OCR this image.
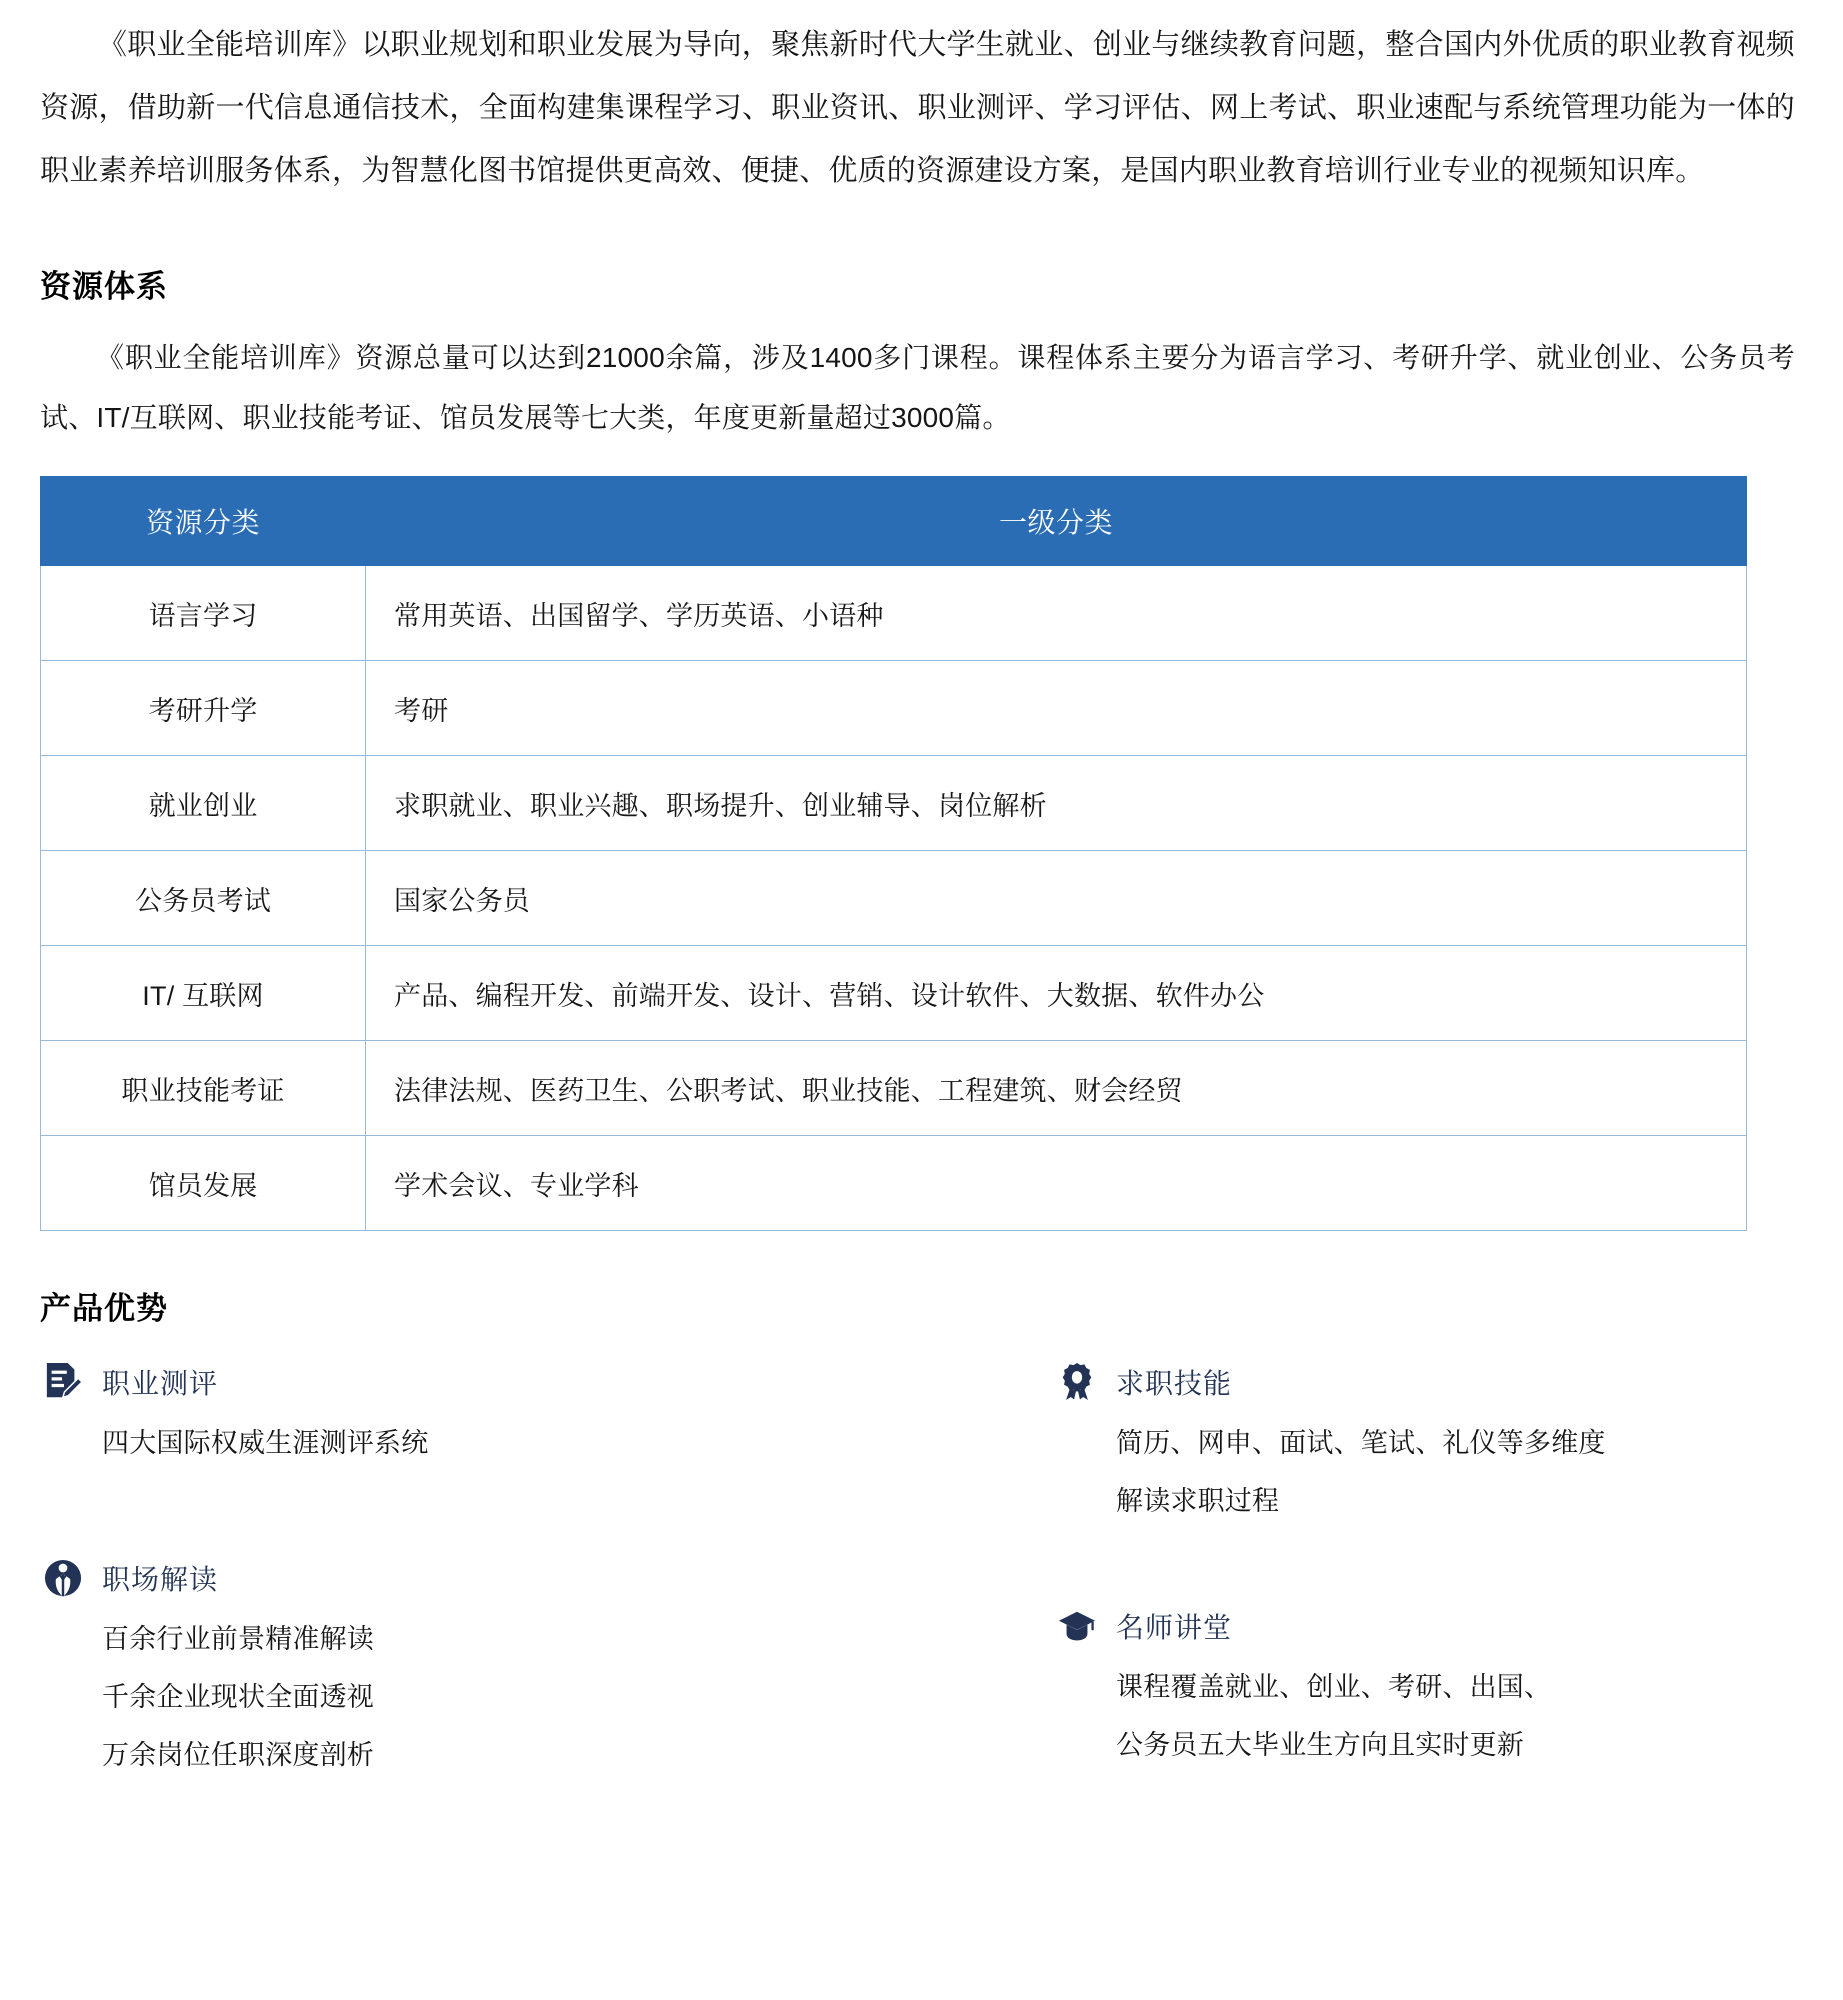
《职业全能培训库》以职业规划和职业发展为导向，聚焦新时代大学生就业、创业与继续教育问题，整合国内外优质的职业教育视频资源，借助新一代信息通信技术，全面构建集课程学习、职业资讯、职业测评、学习评估、网上考试、职业速配与系统管理功能为一体的职业素养培训服务体系，为智慧化图书馆提供更高效、便捷、优质的资源建设方案，是国内职业教育培训行业专业的视频知识库。

资源体系

《职业全能培训库》资源总量可以达到21000余篇，涉及1400多门课程。课程体系主要分为语言学习、考研升学、就业创业、公务员考试、IT/互联网、职业技能考证、馆员发展等七大类，年度更新量超过3000篇。

资源分类	一级分类
语言学习	常用英语、出国留学、学历英语、小语种
考研升学	考研
就业创业	求职就业、职业兴趣、职场提升、创业辅导、岗位解析
公务员考试	国家公务员
IT/ 互联网	产品、编程开发、前端开发、设计、营销、设计软件、大数据、软件办公
职业技能考证	法律法规、医药卫生、公职考试、职业技能、工程建筑、财会经贸
馆员发展	学术会议、专业学科
产品优势
职业测评
四大国际权威生涯测评系统
求职技能
简历、网申、面试、笔试、礼仪等多维度
解读求职过程
职场解读
百余行业前景精准解读
千余企业现状全面透视
万余岗位任职深度剖析
名师讲堂
课程覆盖就业、创业、考研、出国、
公务员五大毕业生方向且实时更新
